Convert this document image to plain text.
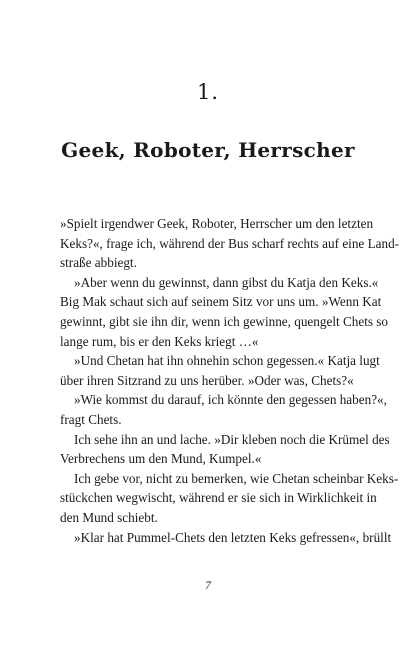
1.
Geek, Roboter, Herrscher
»Spielt irgendwer Geek, Roboter, Herrscher um den letzten
Keks?«, frage ich, während der Bus scharf rechts auf eine Land-
straße abbiegt.
»Aber wenn du gewinnst, dann gibst du Katja den Keks.«
Big Mak schaut sich auf seinem Sitz vor uns um. »Wenn Kat
gewinnt, gibt sie ihn dir, wenn ich gewinne, quengelt Chets so
lange rum, bis er den Keks kriegt …«
»Und Chetan hat ihn ohnehin schon gegessen.« Katja lugt
über ihren Sitzrand zu uns herüber. »Oder was, Chets?«
»Wie kommst du darauf, ich könnte den gegessen haben?«,
fragt Chets.
Ich sehe ihn an und lache. »Dir kleben noch die Krümel des
Verbrechens um den Mund, Kumpel.«
Ich gebe vor, nicht zu bemerken, wie Chetan scheinbar Keks-
stückchen wegwischt, während er sie sich in Wirklichkeit in
den Mund schiebt.
»Klar hat Pummel-Chets den letzten Keks gefressen«, brüllt
7
